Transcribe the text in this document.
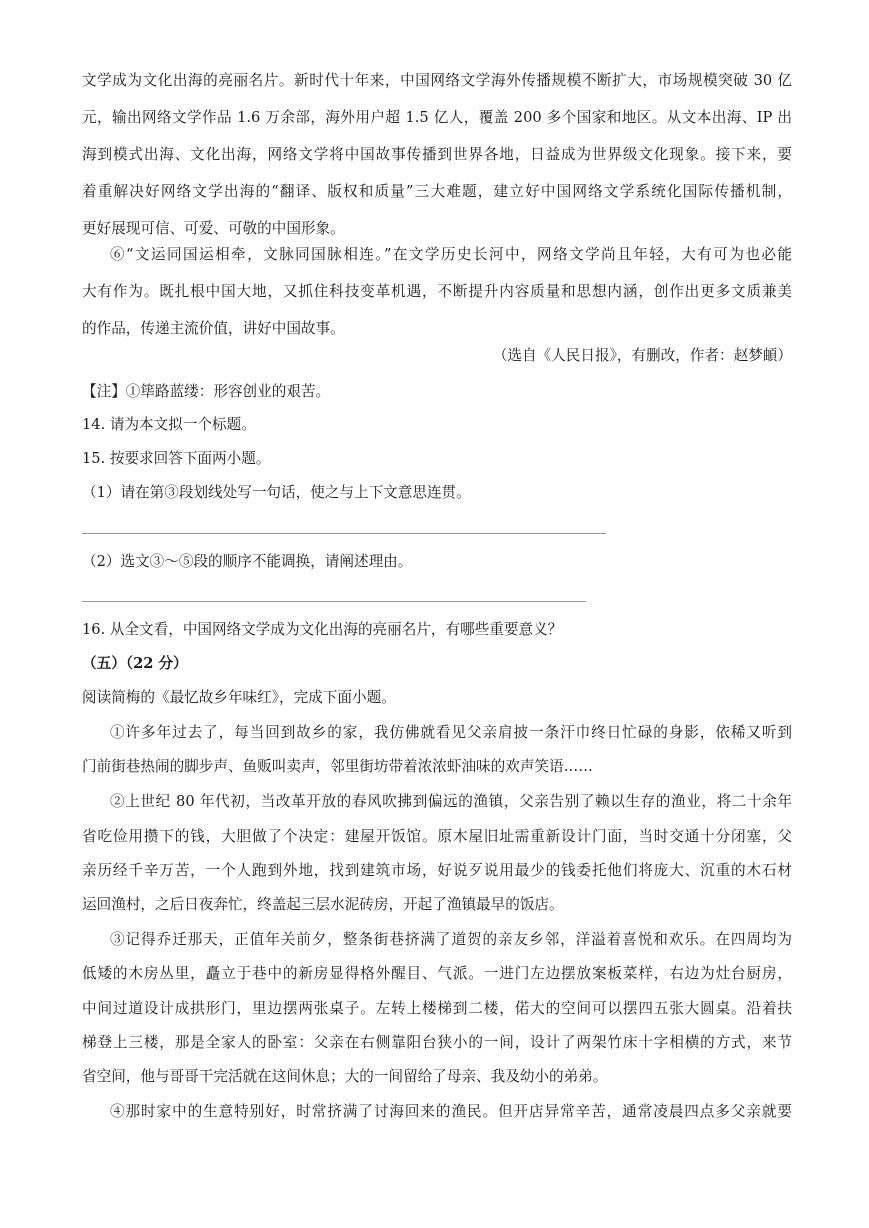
文学成为文化出海的亮丽名片。新时代十年来，中国网络文学海外传播规模不断扩大，市场规模突破 30 亿
元，输出网络文学作品 1.6 万余部，海外用户超 1.5 亿人，覆盖 200 多个国家和地区。从文本出海、IP 出
海到模式出海、文化出海，网络文学将中国故事传播到世界各地，日益成为世界级文化现象。接下来，要
着重解决好网络文学出海的“翻译、版权和质量”三大难题，建立好中国网络文学系统化国际传播机制，
更好展现可信、可爱、可敬的中国形象。
⑥“文运同国运相牵，文脉同国脉相连。”在文学历史长河中，网络文学尚且年轻，大有可为也必能
大有作为。既扎根中国大地，又抓住科技变革机遇，不断提升内容质量和思想内涵，创作出更多文质兼美
的作品，传递主流价值，讲好中国故事。
（选自《人民日报》，有删改，作者：赵梦頔）
【注】①筚路蓝缕：形容创业的艰苦。
14. 请为本文拟一个标题。
15. 按要求回答下面两小题。
（1）请在第③段划线处写一句话，使之与上下文意思连贯。
（2）选文③～⑤段的顺序不能调换，请阐述理由。
16. 从全文看，中国网络文学成为文化出海的亮丽名片，有哪些重要意义？
（五）（22 分）
阅读简梅的《最忆故乡年味红》，完成下面小题。
①许多年过去了，每当回到故乡的家，我仿佛就看见父亲肩披一条汗巾终日忙碌的身影，依稀又听到
门前街巷热闹的脚步声、鱼贩叫卖声，邻里街坊带着浓浓虾油味的欢声笑语……
②上世纪 80 年代初，当改革开放的春风吹拂到偏远的渔镇，父亲告别了赖以生存的渔业，将二十余年
省吃俭用攒下的钱，大胆做了个决定：建屋开饭馆。原木屋旧址需重新设计门面，当时交通十分闭塞，父
亲历经千辛万苦，一个人跑到外地，找到建筑市场，好说歹说用最少的钱委托他们将庞大、沉重的木石材
运回渔村，之后日夜奔忙，终盖起三层水泥砖房，开起了渔镇最早的饭店。
③记得乔迁那天，正值年关前夕，整条街巷挤满了道贺的亲友乡邻，洋溢着喜悦和欢乐。在四周均为
低矮的木房丛里，矗立于巷中的新房显得格外醒目、气派。一进门左边摆放案板菜样，右边为灶台厨房，
中间过道设计成拱形门，里边摆两张桌子。左转上楼梯到二楼，偌大的空间可以摆四五张大圆桌。沿着扶
梯登上三楼，那是全家人的卧室：父亲在右侧靠阳台狭小的一间，设计了两架竹床十字相横的方式，来节
省空间，他与哥哥干完活就在这间休息；大的一间留给了母亲、我及幼小的弟弟。
④那时家中的生意特别好，时常挤满了讨海回来的渔民。但开店异常辛苦，通常凌晨四点多父亲就要
